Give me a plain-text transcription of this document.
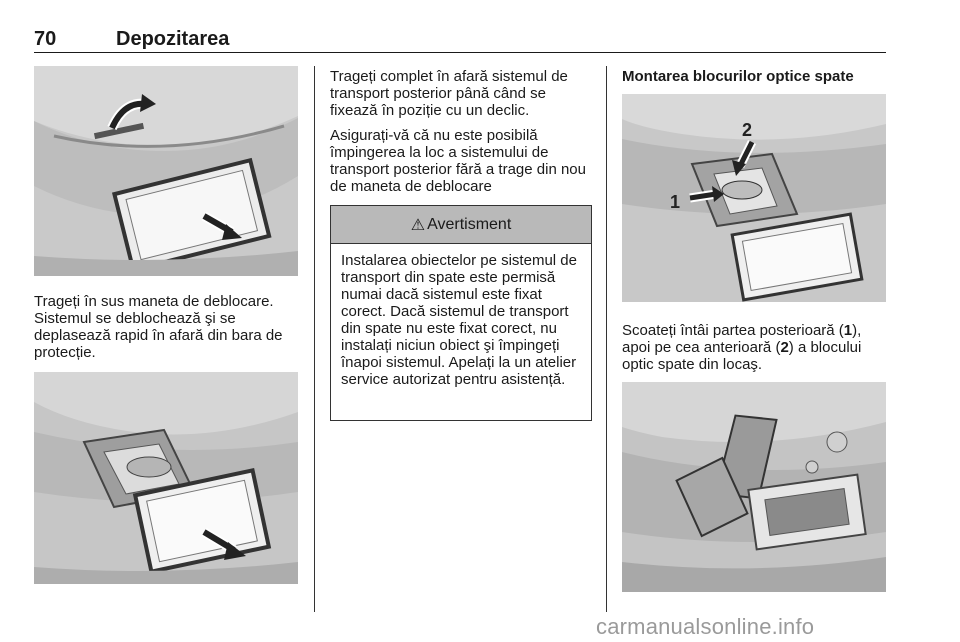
70	Depozitarea

Trageți în sus maneta de deblocare. Sistemul se deblochează şi se deplasează rapid în afară din bara de protecție.

Trageți complet în afară sistemul de transport posterior până când se fixează în poziție cu un declic.

Asigurați-vă că nu este posibilă împingerea la loc a sistemului de transport posterior fără a trage din nou de maneta de deblocare

⚠ Avertisment
Instalarea obiectelor pe sistemul de transport din spate este permisă numai dacă sistemul este fixat corect. Dacă sistemul de transport din spate nu este fixat corect, nu instalați niciun obiect şi împingeți înapoi sistemul. Apelați la un atelier service autorizat pentru asistență.
Montarea blocurilor optice spate
2
1
Scoateți întâi partea posterioară (1), apoi pe cea anterioară (2) a blocului optic spate din locaş.
carmanualsonline.info
